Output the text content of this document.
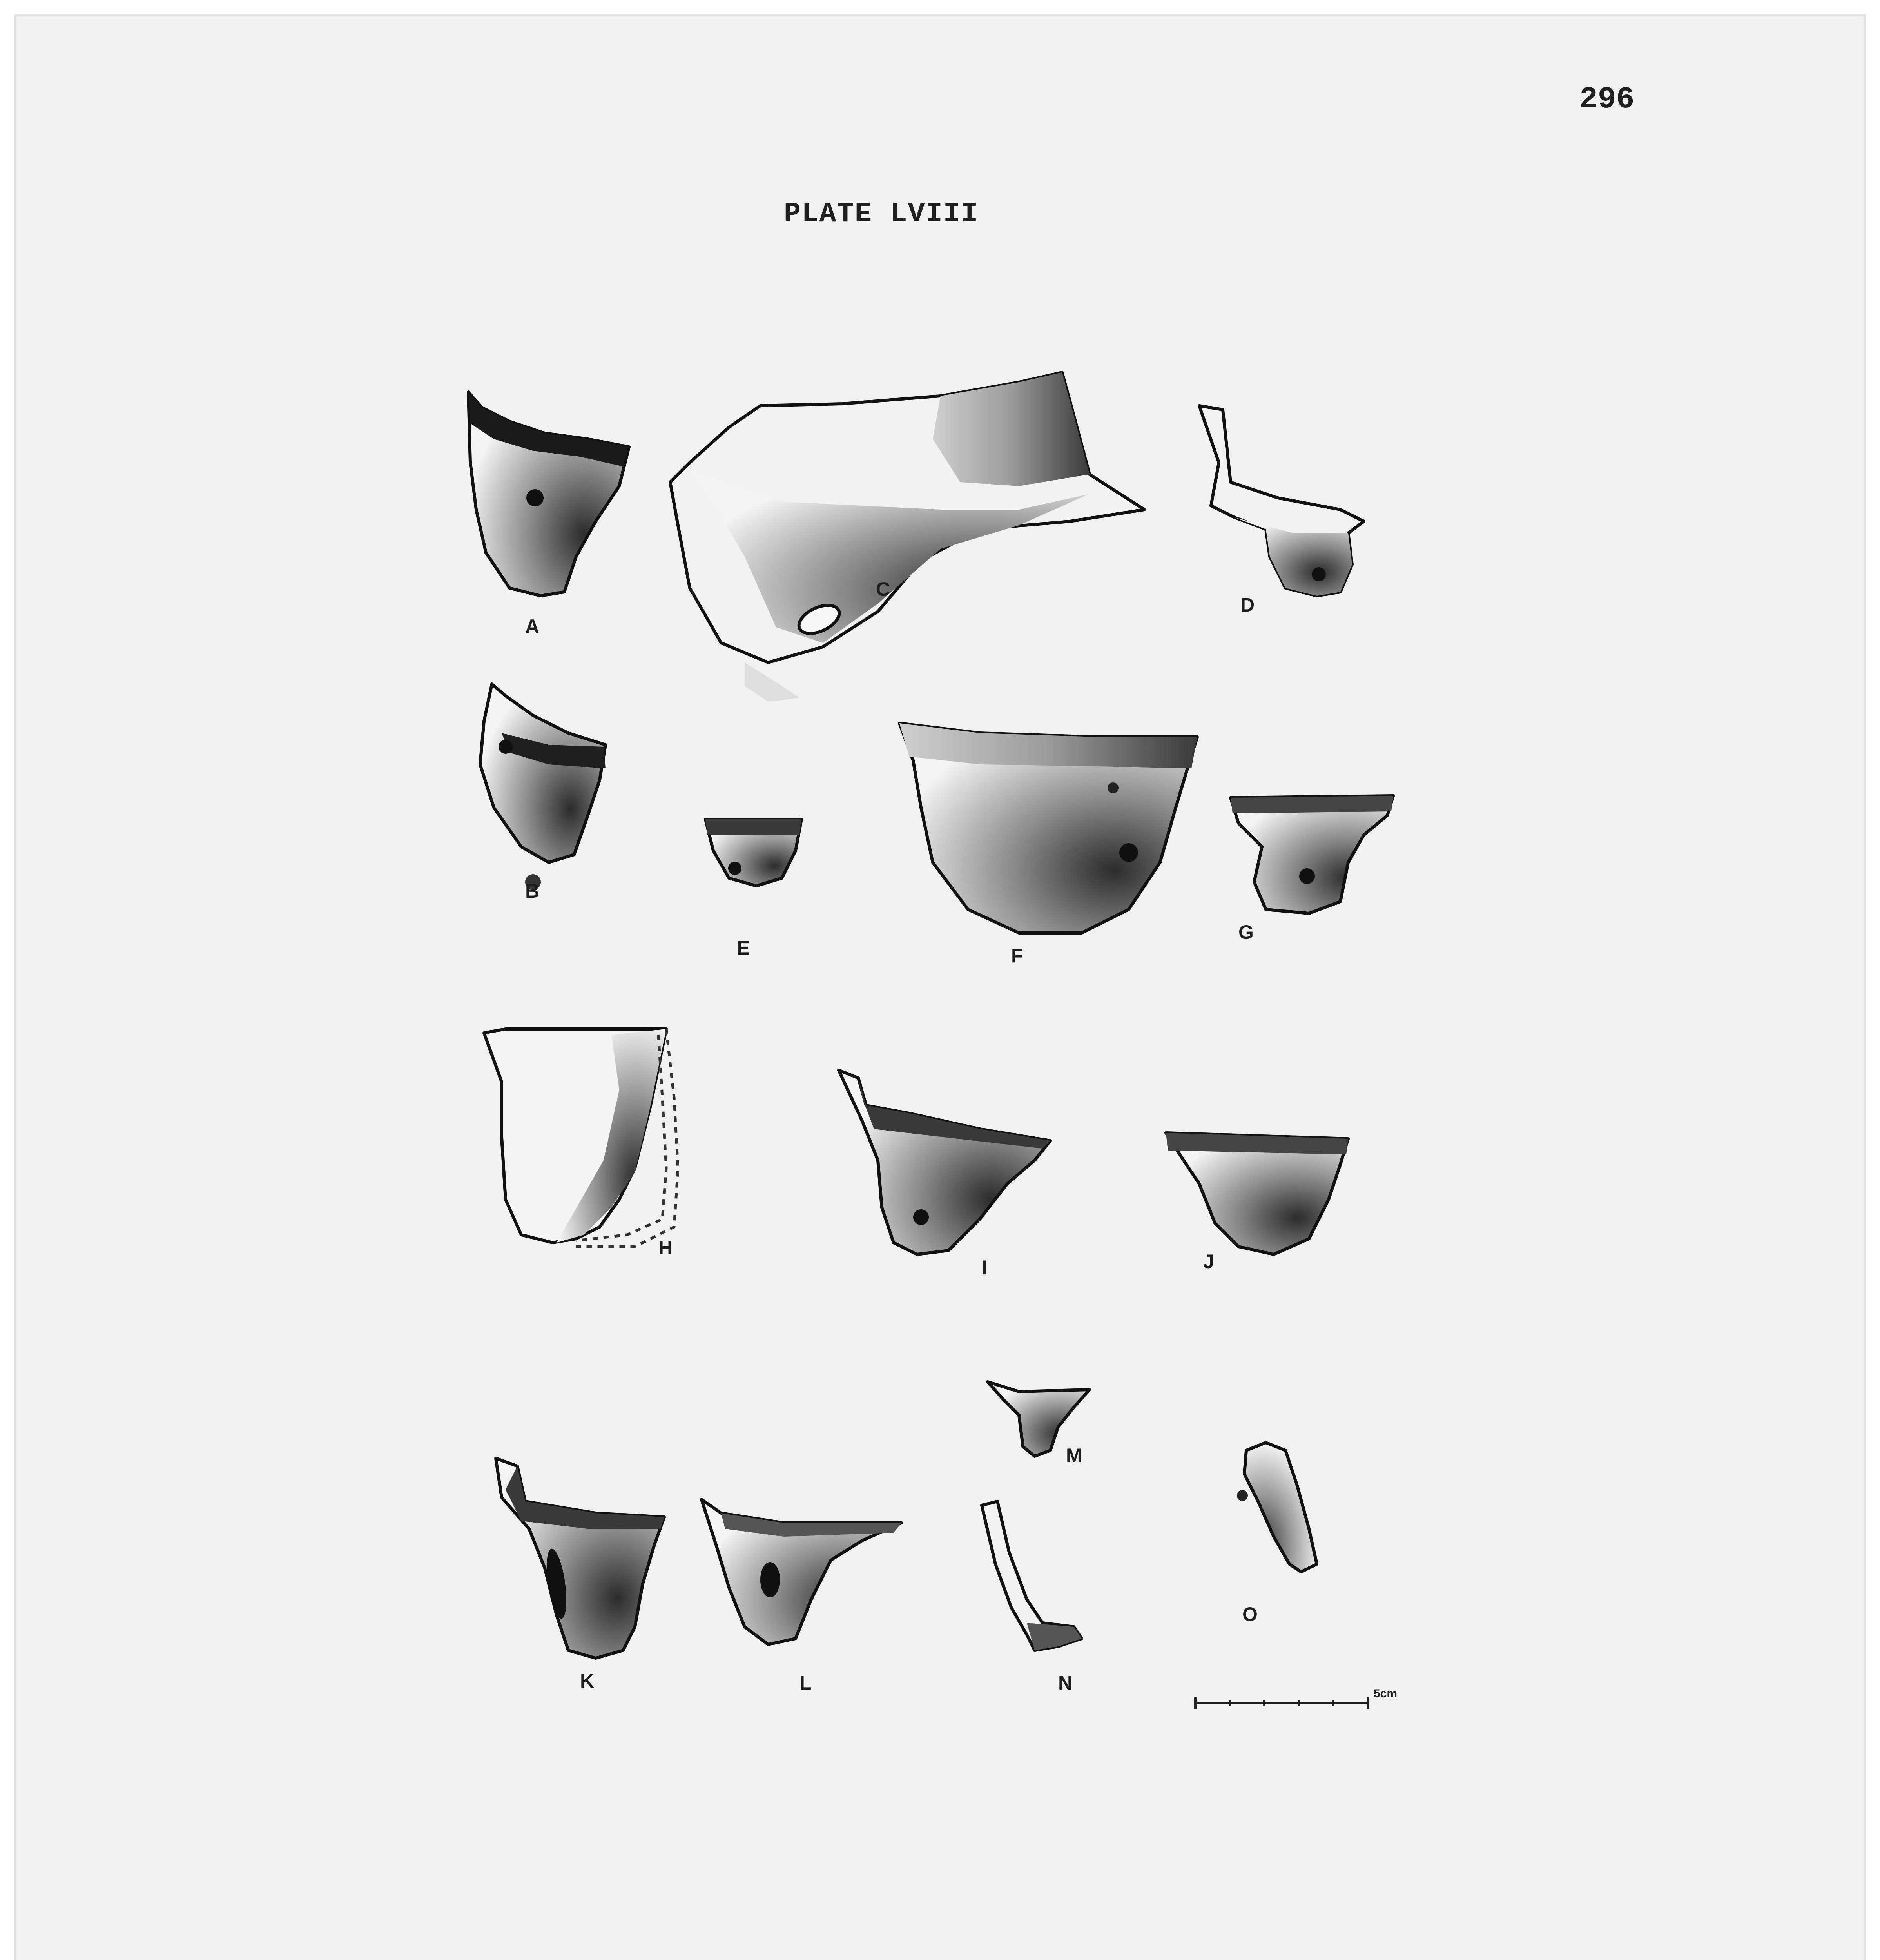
296
PLATE LVIII
5cm
A
B
C
D
E	F
G
H
I	J
K	L
M
N
O
